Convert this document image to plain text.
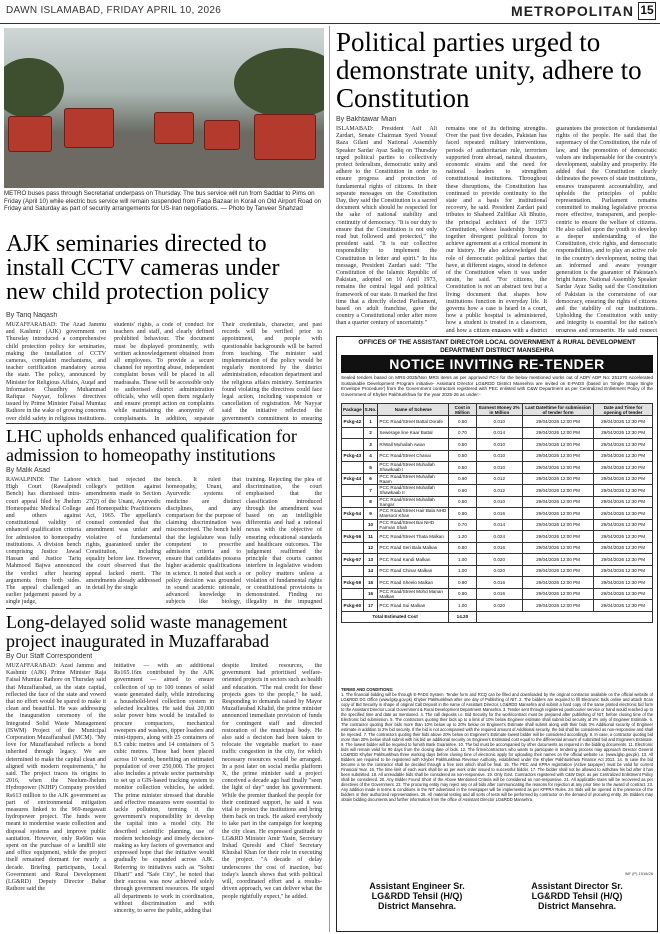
DAWN ISLAMABAD, FRIDAY APRIL 10, 2026	METROPOLITAN 15
METRO buses pass through Secretariat underpass on Thursday. The bus service will run from Saddar to Pims on Friday (April 10) while electric bus service will remain suspended from Faqa Bazaar in Korail on Old Airport Road on Friday and Saturday as part of security arrangements for US-Iran negotiations. — Photo by Tanveer Shahzad
AJK seminaries directed to install CCTV cameras under new child protection policy
By Tariq Naqash
MUZAFFARABAD: The Azad Jammu and Kashmir (AJK) government on Thursday introduced a comprehensive child protection policy for seminaries, making the installation of CCTV cameras, complaint mechanisms, and teacher certification mandatory across the state. The policy, announced by Minister for Religious Affairs, Auqaf and Information Chaudhry Muhammad Rafique Nayyar, follows directives issued by Prime Minister Faisal Mumtaz Rathore in the wake of growing concerns over child safety in religious institutions.
students' rights, a code of conduct for teachers and staff, and clearly defined prohibited behaviour. The document must be displayed prominently, with written acknowledgement obtained from all employees. To provide a secure channel for reporting abuse, independent complaint boxes will be placed in all madrasahs. These will be accessible only to authorised district administration officials, who will open them regularly and ensure prompt action on complaints while maintaining the anonymity of complainants. In addition, separate
Their credentials, character, and past records will be verified prior to appointment, and people with questionable backgrounds will be barred from teaching. The minister said implementation of the policy would be regularly monitored by the district administration, education department and the religious affairs ministry. Seminaries found violating the directives could face legal action, including suspension or cancellation of registration. Mr Nayyar said the initiative reflected the government's commitment to ensuring
LHC upholds enhanced qualification for admission to homeopathy institutions
By Malik Asad
RAWALPINDI: The Lahore High Court (Rawalpindi Bench) has dismissed intra-court appeal filed by Jhelum Homeopathic Medical College and others against constitutional validity of enhanced qualification criteria for admission to homeopathy institutions. A division bench comprising Justice Jawad Hassan and Justice Tariq Mahmood Bajwa announced the verdict after hearing arguments from both sides. The appeal challenged an earlier judgement passed by a single judge,
which had rejected the college's petition against amendments made to Section 27(2) of the Unani, Ayurvedic and Homeopathic Practitioners Act, 1965. The appellant's counsel contended that the amendment was unfair and violative of fundamental rights, guaranteed under the Constitution, including equality before law. However, the court observed that the appeal lacked merit. The amendments already addressed in detail by the single
bench. It ruled that homeopathy, Unani, and Ayurvedic systems of medicine are distinct disciplines, and any comparison for the purpose of claiming discrimination was misconceived. The bench held that the legislature was fully competent to prescribe admission criteria and to ensure that candidates possess higher academic qualifications in science. It noted that such a policy decision was grounded in sound academic rationale, advanced knowledge in subjects like biology,
training. Rejecting the plea of discrimination, the court emphasised that the classification introduced through the amendment was based on an intelligible differentia and had a rational nexus with the objective of ensuring educational standards and healthcare outcomes. The judgement reaffirmed the principle that courts cannot interfere in legislative wisdom or policy matters unless a violation of fundamental rights or constitutional provisions is demonstrated. Finding no illegality in the impugned
Long-delayed solid waste management project inaugurated in Muzaffarabad
By Our Staff Correspondent
MUZAFFARABAD: Azad Jammu and Kashmir (AJK) Prime Minister Raja Faisal Mumtaz Rathore on Thursday said that Muzaffarabad, as the state capital, reflected the face of the state and vowed that no effort would be spared to make it clean and beautiful. He was addressing the inauguration ceremony of the Integrated Solid Waste Management (ISWM) Project of the Municipal Corporation Muzaffarabad (MCM). "My love for Muzaffarabad reflects a bond inherited through legacy. We are determined to make the capital clean and aligned with modern requirements," he said. The project traces its origins to 2016, when the Neelum-Jhelum Hydropower (NJHP) Company provided Rs613 million to the AJK government as part of environmental mitigation measures linked to the 969-megawatt hydropower project. The funds were meant to modernise waste collection and disposal systems and improve public sanitation. However, only Rs66m was spent on the purchase of a landfill site and office equipment, while the project itself remained dormant for nearly a decade. Briefing participants, Local Government and Rural Development (LG&RD) Deputy Director Babar Rathore said the
initiative — with an additional Rs165.16m contributed by the AJK government — aimed to ensure collection of up to 100 tonnes of solid waste generated daily, while introducing a household-level collection system in selected localities. He said that 20,000 solar power bins would be installed to procure compactors, mechanical sweepers and washers, tipper loaders and mini-tippers, along with 25 containers of 8.5 cubic metres and 14 containers of 5 cubic metres. These had been placed across 10 wards, benefiting an estimated population of over 250,000. The project also includes a private sector partnership to set up a GIS-based tracking system to monitor collection vehicles, he added. The prime minister stressed that durable and effective measures were essential to tackle pollution, terming it the government's responsibility to develop the capital into a model city. He described scientific planning, use of modern technology and timely decision-making as key factors of governance and expressed hope that the initiative would gradually be expanded across AJK. Referring to initiatives such as "Sohni Dharti" and "Safe City", he noted that their success was now achieved solely through government resources. He urged all departments to work in coordination, without discrimination and with sincerity, to serve the public, adding that
despite limited resources, the government had prioritised welfare-oriented projects in sectors such as health and education. "The real credit for these projects goes to the people," he said. Responding to demands raised by Mayor Muzaffarabad Khalid, the prime minister announced immediate provision of funds for contingent staff and directed restoration of the municipal body. He also said a decision had been taken to relocate the vegetable market to ease traffic congestion in the city, for which necessary resources would be arranged. In a post later on social media platform X, the prime minister said a project conceived a decade ago had finally "seen the light of day" under his government. While the premier thanked the people for their continued support, he said it was vital to protect the institutions and bring them back on track. He asked everybody to take part in the campaign for keeping the city clean. He expressed gratitude to LG&RD Minister Amir Yasin, Secretary Irshad Qureshi and Chief Secretary Khushal Khan for their role in executing the project. "A decade of delay underscores the cost of inaction, but today's launch shows that with political will, coordinated effort and a results-driven approach, we can deliver what the people rightfully expect," he added.
Political parties urged to demonstrate unity, adhere to Constitution
By Bakhtawar Mian
ISLAMABAD: President Asif Ali Zardari, Senate Chairman Syed Yousuf Raza Gilani and National Assembly Speaker Sardar Ayaz Sadiq on Thursday urged political parties to collectively protect federalism, democratic unity and adhere to the Constitution in order to ensure progress and protection of fundamental rights of citizens. In their separate messages on the Constitution Day, they said the Constitution is a sacred document which should be respected for the sake of national stability and continuity of democracy. "It is our duty to ensure that the Constitution is not only read but followed and protected," the president said. "It is our collective responsibility to implement the Constitution in letter and spirit." In his message, President Zardari said: "The Constitution of the Islamic Republic of Pakistan, adopted on 10 April 1973, remains the central legal and political framework of our state. It marked the first time that a directly elected Parliament, based on adult franchise, gave the country a Constitutional order after more than a quarter century of uncertainty."
remains one of its defining strengths. Over the past five decades, Pakistan has faced repeated military interventions, periods of authoritarian rule, terrorism supported from abroad, natural disasters, economic strains and the need for national leaders to strengthen constitutional institutions. Throughout these disruptions, the Constitution has continued to provide continuity to the state and a basis for institutional recovery, he said. President Zardari paid tributes to Shaheed Zulfikar Ali Bhutto, the principal architect of the 1973 Constitution, whose leadership brought together divergent political forces to achieve agreement at a critical moment in our history. He also acknowledged the role of democratic political parties that have, at different stages, stood in defence of the Constitution when it was under strain, he said. "For citizens, the Constitution is not an abstract text but a living document that shapes how institutions function in everyday life. It governs how a case is heard in a court, how a public hospital is administered, how a student is treated in a classroom, and how a citizen engages with a district
guarantees the protection of fundamental rights of the people. He said that the supremacy of the Constitution, the rule of law, and the promotion of democratic values are indispensable for the country's development, stability and prosperity. He added that the Constitution clearly delineates the powers of state institutions, ensures transparent accountability, and upholds the principles of public representation. Parliament remains committed to making legislative process more effective, transparent, and people-centric to ensure the welfare of citizens. He also called upon the youth to develop a deeper understanding of the Constitution, civic rights, and democratic responsibilities, and to play an active role in the country's development, noting that an informed and aware younger generation is the guarantor of Pakistan's bright future. National Assembly Speaker Sardar Ayaz Sadiq said the Constitution of Pakistan is the cornerstone of our democracy, ensuring the rights of citizens and the stability of our institutions. Upholding the Constitution with unity and integrity is essential for the nation's progress and prosperity. He said respect
OFFICES OF THE ASSISTANT DIRECTOR LOCAL GOVERNMENT & RURAL DEVELOPMENT DEPARTMENT DISTRICT MANSEHRA
NOTICE INVITING RE-TENDER
Sealed tenders based on MRS-2025/Non MRS items as per approved PC-I for the below mentioned works out of ADP/ ADP No: 251270 Accelerated Sustainable Development Program initiative- Assistant Director LG&RDD District Mansehra are invited on E-PADS (based on 'Single Stage Single Envelope Procedure') from the Government contractors registered with PEC enlisted with C&W Department as per Centralized Enlistment Policy of the Government of Khyber Pakhtunkhwa for the year 2025-26 as under:-
Package	S.No.	Name of Scheme	Cost in Million	Earnest Money 2% in Million	Last Date/time for submission of tender form	Date and Time for opening of tender
Pckg-42	1	PCC Road/Street Battal Dorafe	0.50	0.010	29/04/2026 12:00 PM	29/04/2026 12:30 PM
	2	Sewerage line Kaar Battal	0.70	0.014	29/04/2026 12:00 PM	29/04/2026 12:30 PM
	3	R/Wall Muhallah Awan	0.50	0.010	29/04/2026 12:00 PM	29/04/2026 12:30 PM
Pckg-43	4	PCC Road/Street Chanai	0.50	0.010	29/04/2026 12:00 PM	29/04/2026 12:30 PM
	5	PCC Road/Street Muhallah Shawkaab I	0.50	0.010	29/04/2026 12:00 PM	29/04/2026 12:30 PM
Pckg-44	6	PCC Road/Street Muhallah Raam	0.60	0.012	29/04/2026 12:00 PM	29/04/2026 12:30 PM
	7	PCC Road/Street Muhallah Shawkaab II	0.60	0.012	29/04/2026 12:00 PM	29/04/2026 12:30 PM
	8	PCC Road/Street Muhallah Sangar	0.50	0.010	29/04/2026 12:00 PM	29/04/2026 12:30 PM
Pckg-54	9	PCC Road/Street Hair Bala NHD Mansoor Khan	0.80	0.016	29/04/2026 12:00 PM	29/04/2026 12:30 PM
	10	PCC Road/Street Bai NHD Farman Shah	0.70	0.014	29/04/2026 12:00 PM	29/04/2026 12:30 PM
Pckg-56	11	PCC Road/Street Thata Malkan	1.20	0.024	29/04/2026 12:00 PM	29/04/2026 12:30 PM
	12	PCC Road Seri Bala Malkan	0.80	0.016	29/04/2026 12:00 PM	29/04/2026 12:30 PM
Pckg-57	13	PCC Road Kandi Malkan	1.00	0.020	29/04/2026 12:00 PM	29/04/2026 12:30 PM
	14	PCC Road Chinar Malkan	1.00	0.020	29/04/2026 12:00 PM	29/04/2026 12:30 PM
Pckg-59	15	PCC Road Sheelo Malkan	0.80	0.016	29/04/2026 12:00 PM	29/04/2026 12:30 PM
	16	PCC Road/Street Mohd Manan Malkan	0.80	0.016	29/04/2026 12:00 PM	29/04/2026 12:30 PM
Pckg-60	17	PCC Road Sui Malkan	1.00	0.020	29/04/2026 12:00 PM	29/04/2026 12:30 PM
Total Estimated Cost			14.20			
TERMS AND CONDITIONS:
1. The financial bidding will be through E-PADS System. Tender form and RCQ can be filled and downloaded by the original contractor available on the official website of LG&RDD DG Office (www.lgkp.gov.pk) Khyber Pakhtunkhwa after one day of Publishing of NIT. 2. The bidders are required to fill Electronic Bids online and attach Scan copy of Bid Security in shape of original Call Deposit in the name of Assistant Director, LG&RDD Mansehra and submit a hard copy of the same printed electronic bid form to the Assistant Director Local Government & Rural Development Department Mansehra. 3. Tender sent through registered post/courier service or hand would reached up to the specified time and date as mentioned. 4. The call deposits i.e. Bid Security for the work/contract must be prepared after publishing of NIT, before closing time of the Electronic bid submission. 5. The contractors quoting their bids up to a limit of 10% below Engineer estimate shall submit bid security at 2% only of Engineer Estimate. 6. The contractor quoting their bids more than 10% below up to 20% below on Engineer's Estimate shall submit along with their bids 3% Additional security of Engineer estimate in addition to 2% bid security. If the bid is not accompanied with the required amount of Additional security, the bid shall be considered as non-responsive and shall be rejected. 7. The contractors quoting their bids above 20% below on Engineer's Estimate lowest bidder will be considered accordingly. 8. In case, a contractor quoting bid more than 20% below shall submit with his bid an additional security on Engineers Estimated cost equal to the differential amount of submitted bid and Engineers Estimate. 9. The lowest bidder will be required to furnish Bank Guarantee. 10. The bid must be accompanied by other documents as required in the bidding documents. 11. Electronic bids will remain valid for 90 days from the closing date of bids. 12. The firms/contractors who wants to participate in tendering process may approach Director General LG&RDD Khyber Pakhtunkhwa three working days before closing time of electronic apply for uploading their names on the official website i.e. (www.lgkp.gov.pk). 13. All Bidders are required to be registered with Khyber Pakhtunkhwa Revenue Authority, established under the Khyber Pakhtunkhwa Finance Act 2013. 14. In case the bid become a tie the contractor shall be decided through a free toss which shall be final. 15. The PEC and KPRA registration (Active taxpayer) must be valid for current Financial Year. 16. The time limit of each work shall be as per work order issued to successful bidder. 17. The bidder shall not be allowed to withdraw his bid after it has been submitted. 18. All unreadable bids shall be considered as non-responsive. 19. Only Govt. Contractors registered with C&W Dept. as per Centralized Enlistment Policy shall be considered. 20. Any Bidder Found Short of the Above Mentioned Criteria will be considered as non-responsive. 21. All applicable taxes will be recovered as per directives of the Government. 22. The procuring entity may reject any or all bids after communicating the reasons for rejection at any prior time to the award of contract. 23. Any addition made in terms & conditions in the NIT advertised in the newspaper will be implemented as per KPPRA Rules. 24. Bids will be opened in the presence of the bidders or their authorized representatives. 25. All material testing and all sorts of tests will be performed by contractor on the demand of procuring entity. 26. Bidders may obtain bidding documents and further information from the office of Assistant Director LG&RDD Mansehra.
INF (P) 1516/26
Assistant Engineer Sr.
LG&RDD Tehsil (H/Q)
District Mansehra.
Assistant Director Sr.
LG&RDD Tehsil (H/Q)
District Mansehra.
